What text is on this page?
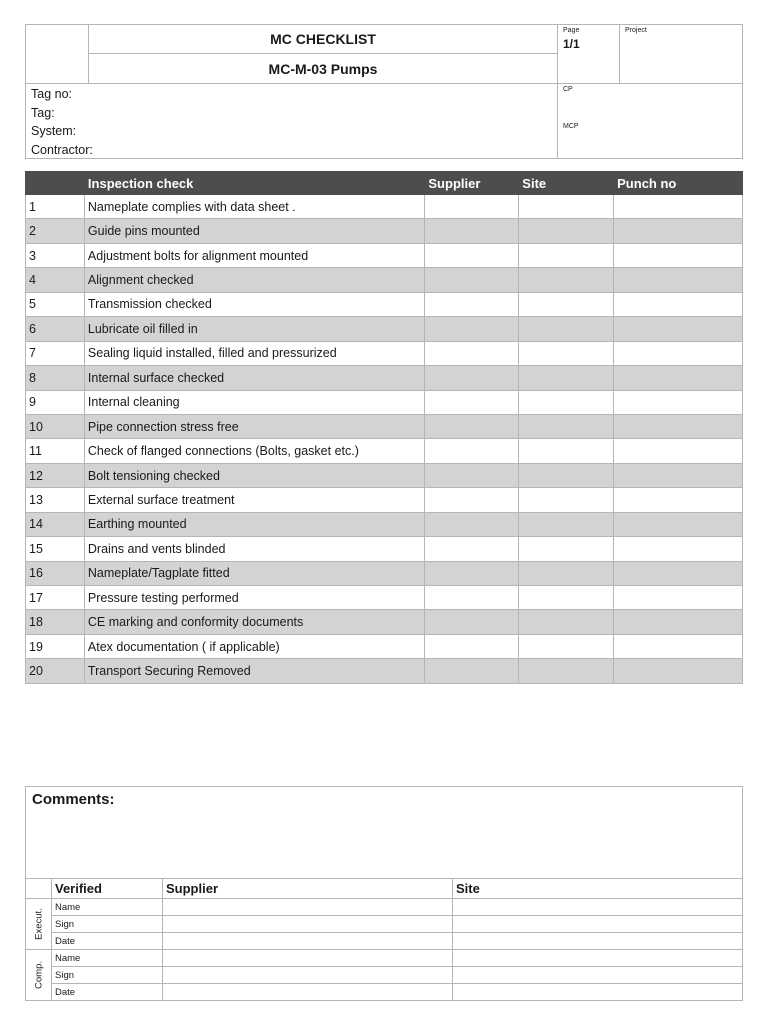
MC CHECKLIST
MC-M-03 Pumps
Page
1/1
Project
Tag no:
Tag:
System:
Contractor:
CP
MCP
	Inspection check	Supplier	Site	Punch no
1	Nameplate complies with data sheet .			
2	Guide pins mounted			
3	Adjustment bolts for alignment mounted			
4	Alignment checked			
5	Transmission checked			
6	Lubricate oil filled in			
7	Sealing liquid installed, filled and pressurized			
8	Internal surface checked			
9	Internal cleaning			
10	Pipe connection stress free			
11	Check of flanged connections (Bolts, gasket etc.)			
12	Bolt tensioning checked			
13	External surface treatment			
14	Earthing mounted			
15	Drains and vents blinded			
16	Nameplate/Tagplate fitted			
17	Pressure testing performed			
18	CE marking and conformity documents			
19	Atex documentation ( if applicable)			
20	Transport Securing Removed			
Comments:
	Verified	Supplier	Site

Execut.	Name		
	Sign		
	Date		

Comp.	Name		
	Sign		
	Date		
